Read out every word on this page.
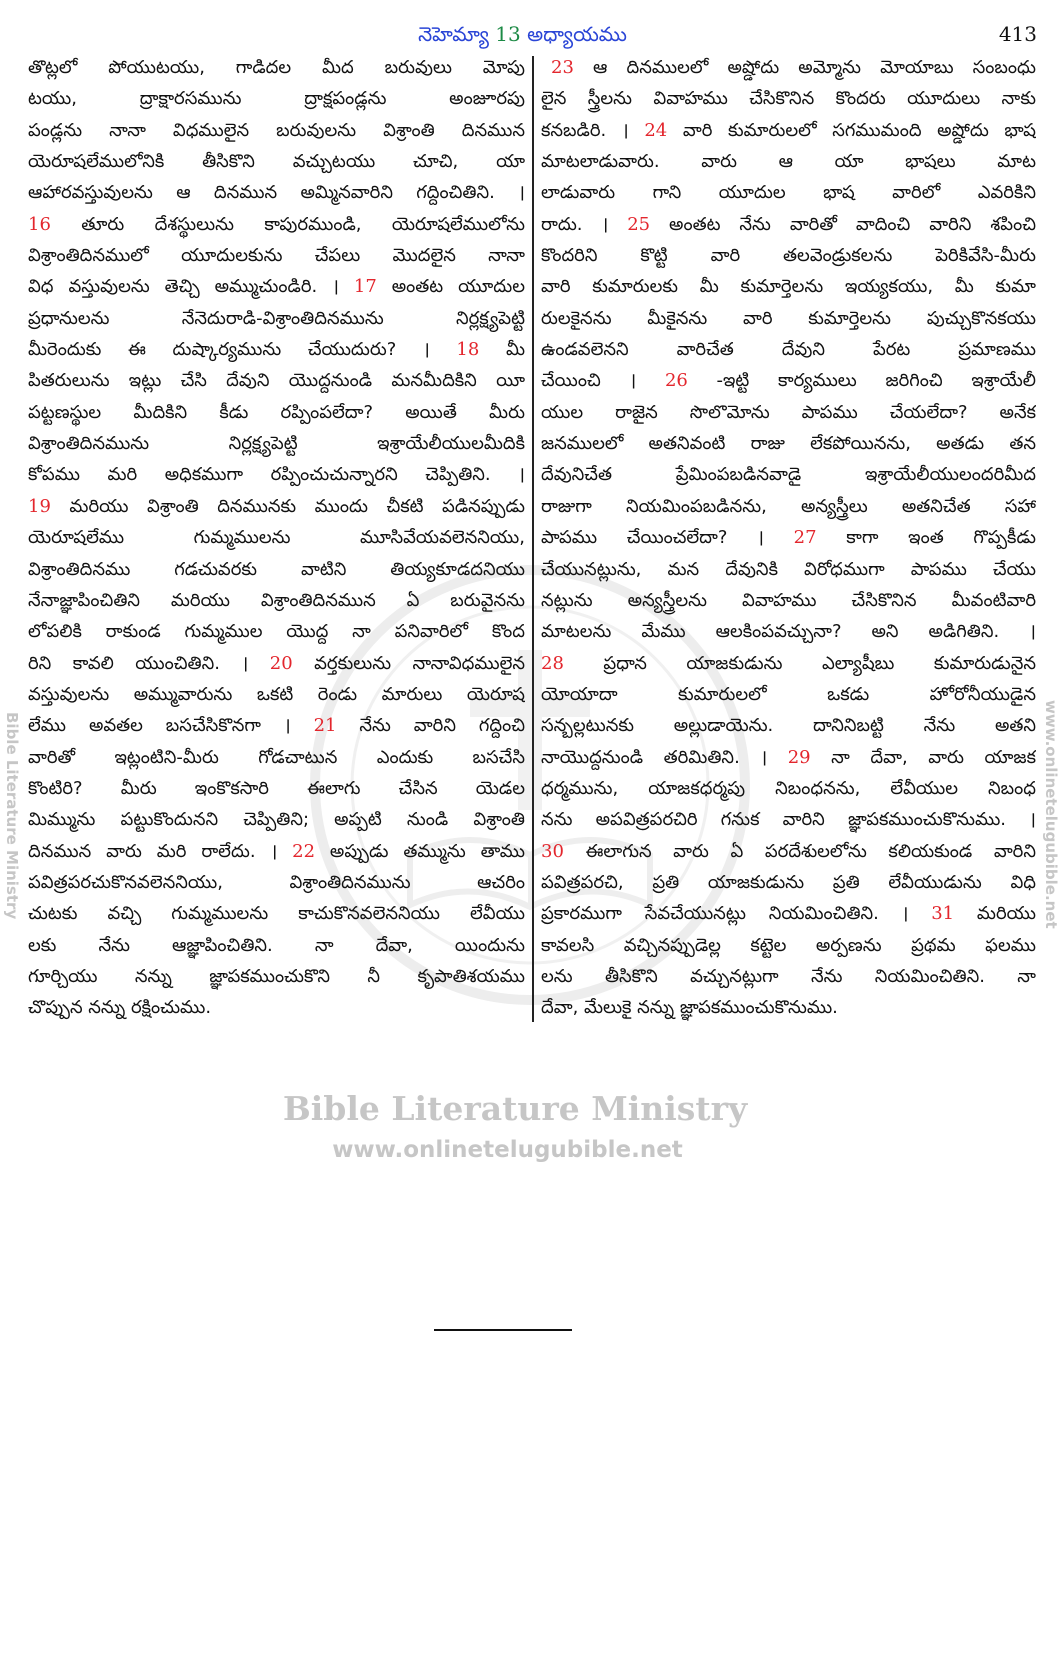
నెహెమ్యా 13 అధ్యాయము	413
తొట్లలో పోయుటయు, గాడిదల మీద బరువులు మోపు
టయు, ద్రాక్షారసమును ద్రాక్షపండ్లను అంజూరపు
పండ్లను నానా విధములైన బరువులను విశ్రాంతి దినమున
యెరూషలేములోనికి తీసికొని వచ్చుటయు చూచి, యా
ఆహారవస్తువులను ఆ దినమున అమ్మినవారిని గద్దించితిని. ।
16 తూరు దేశస్థులును కాపురముండి, యెరూషలేములోను
విశ్రాంతిదినములో యూదులకును చేపలు మొదలైన నానా
విధ వస్తువులను తెచ్చి అమ్ముచుండిరి. । 17 అంతట యూదుల
ప్రధానులను నేనెదురాడి-విశ్రాంతిదినమును నిర్లక్ష్యపెట్టి
మీరెందుకు ఈ దుష్కార్యమును చేయుదురు? । 18 మీ
పితరులును ఇట్లు చేసి దేవుని యొద్దనుండి మనమీదికిని యీ
పట్టణస్థుల మీదికిని కీడు రప్పింపలేదా? అయితే మీరు
విశ్రాంతిదినమును నిర్లక్ష్యపెట్టి ఇశ్రాయేలీయులమీదికి
కోపము మరి అధికముగా రప్పించుచున్నారని చెప్పితిని. ।
19 మరియు విశ్రాంతి దినమునకు ముందు చీకటి పడినప్పుడు
యెరూషలేము గుమ్మములను మూసివేయవలెననియు,
విశ్రాంతిదినము గడచువరకు వాటిని తియ్యకూడదనియు
నేనాజ్ఞాపించితిని మరియు విశ్రాంతిదినమున ఏ బరువైనను
లోపలికి రాకుండ గుమ్మముల యొద్ద నా పనివారిలో కొంద
రిని కావలి యుంచితిని. । 20 వర్తకులును నానావిధములైన
వస్తువులను అమ్మువారును ఒకటి రెండు మారులు యెరూష
లేము అవతల బసచేసికొనగా । 21 నేను వారిని గద్దించి
వారితో ఇట్లంటిని-మీరు గోడచాటున ఎందుకు బసచేసి
కొంటిరి? మీరు ఇంకొకసారి ఈలాగు చేసిన యెడల
మిమ్మును పట్టుకొందునని చెప్పితిని; అప్పటి నుండి విశ్రాంతి
దినమున వారు మరి రాలేదు. । 22 అప్పుడు తమ్మును తాము
పవిత్రపరచుకొనవలెననియు, విశ్రాంతిదినమును ఆచరిం
చుటకు వచ్చి గుమ్మములను కాచుకొనవలెననియు లేవీయు
లకు నేను ఆజ్ఞాపించితిని. నా దేవా, యిందును
గూర్చియు నన్ను జ్ఞాపకముంచుకొని నీ కృపాతిశయము
చొప్పున నన్ను రక్షించుము.
23 ఆ దినములలో అష్డోదు అమ్మోను మోయాబు సంబంధు
లైన స్త్రీలను వివాహము చేసికొనిన కొందరు యూదులు నాకు
కనబడిరి. । 24 వారి కుమారులలో సగముమంది అష్డోదు భాష
మాటలాడువారు. వారు ఆ యా భాషలు మాట
లాడువారు గాని యూదుల భాష వారిలో ఎవరికిని
రాదు. । 25 అంతట నేను వారితో వాదించి వారిని శపించి
కొందరిని కొట్టి వారి తలవెండ్రుకలను పెరికివేసి-మీరు
వారి కుమారులకు మీ కుమార్తెలను ఇయ్యకయు, మీ కుమా
రులకైనను మీకైనను వారి కుమార్తెలను పుచ్చుకొనకయు
ఉండవలెనని వారిచేత దేవుని పేరట ప్రమాణము
చేయించి । 26 -ఇట్టి కార్యములు జరిగించి ఇశ్రాయేలీ
యుల రాజైన సొలొమోను పాపము చేయలేదా? అనేక
జనములలో అతనివంటి రాజు లేకపోయినను, అతడు తన
దేవునిచేత ప్రేమింపబడినవాడై ఇశ్రాయేలీయులందరిమీద
రాజుగా నియమింపబడినను, అన్యస్త్రీలు అతనిచేత సహా
పాపము చేయించలేదా? । 27 కాగా ఇంత గొప్పకీడు
చేయునట్లును, మన దేవునికి విరోధముగా పాపము చేయు
నట్లును అన్యస్త్రీలను వివాహము చేసికొనిన మీవంటివారి
మాటలను మేము ఆలకింపవచ్చునా? అని అడిగితిని. ।
28 ప్రధాన యాజకుడును ఎల్యాషీబు కుమారుడునైన
యోయాదా కుమారులలో ఒకడు హోరోనీయుడైన
సన్బల్లటునకు అల్లుడాయెను. దానినిబట్టి నేను అతని
నాయొద్దనుండి తరిమితిని. । 29 నా దేవా, వారు యాజక
ధర్మమును, యాజకధర్మపు నిబంధనను, లేవీయుల నిబంధ
నను అపవిత్రపరచిరి గనుక వారిని జ్ఞాపకముంచుకొనుము. ।
30 ఈలాగున వారు ఏ పరదేశులలోను కలియకుండ వారిని
పవిత్రపరచి, ప్రతి యాజకుడును ప్రతి లేవీయుడును విధి
ప్రకారముగా సేవచేయునట్లు నియమించితిని. । 31 మరియు
కావలసి వచ్చినప్పుడెల్ల కట్టెల అర్పణను ప్రథమ ఫలము
లను తీసికొని వచ్చునట్లుగా నేను నియమించితిని. నా
దేవా, మేలుకై నన్ను జ్ఞాపకముంచుకొనుము.
Bible Literature Ministry	www.onlinetelugubible.net
Bible Literature Ministry
www.onlinetelugubible.net
